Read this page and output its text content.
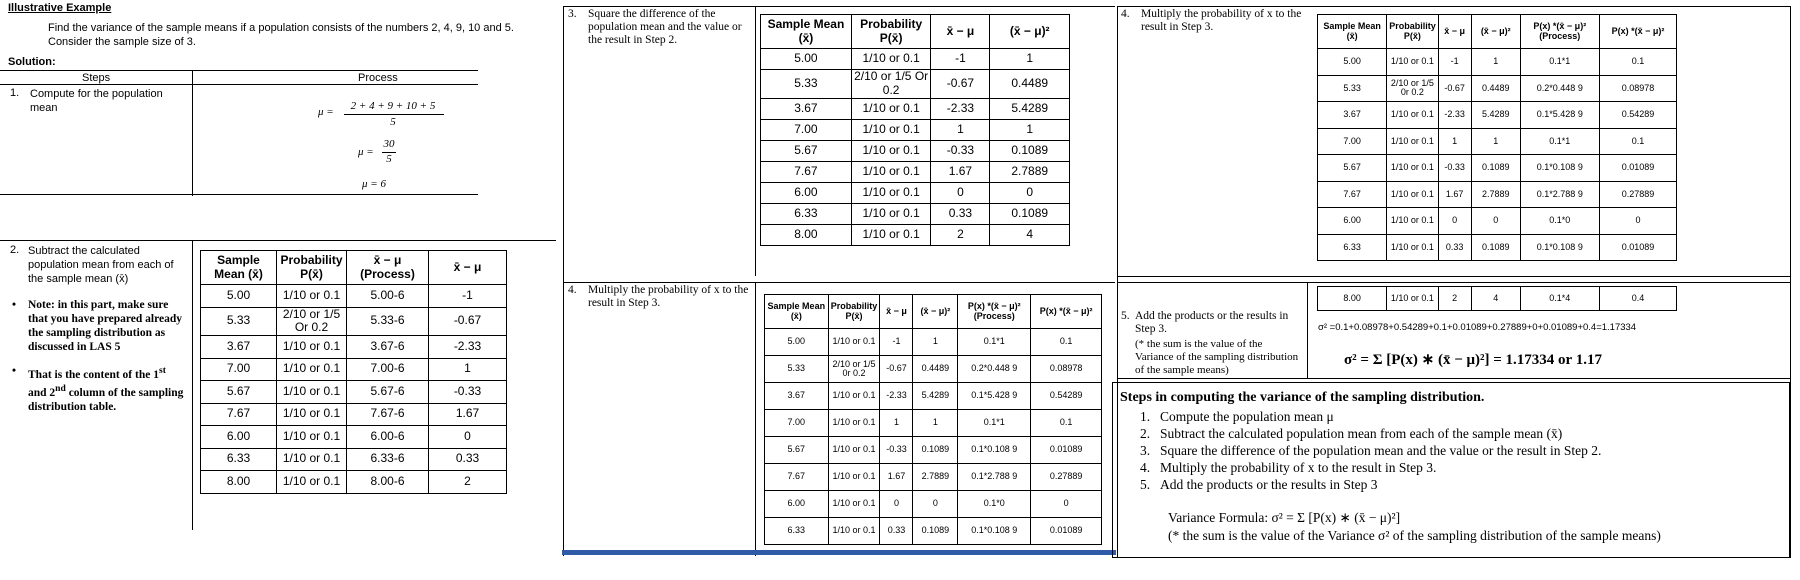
Illustrative Example
Find the variance of the sample means if a population consists of the numbers 2, 4, 9, 10 and 5.
Consider the sample size of 3.
Solution:
Steps	Process
1. Compute for the population mean	μ =	2 + 4 + 9 + 10 + 5
5
μ =
30
5
μ = 6
2. Subtract the calculated population mean from each of the sample mean (x̄)
• Note: in this part, make sure that you have prepared already the sampling distribution as discussed in LAS 5
• That is the content of the 1st and 2nd column of the sampling distribution table.
Sample Mean (x̄)	Probability P(x̄)	x̄ − μ (Process)	x̄ − μ
5.00	1/10 or 0.1	5.00-6	-1
5.33	2/10 or 1/5 Or 0.2	5.33-6	-0.67
3.67	1/10 or 0.1	3.67-6	-2.33
7.00	1/10 or 0.1	7.00-6	1
5.67	1/10 or 0.1	5.67-6	-0.33
7.67	1/10 or 0.1	7.67-6	1.67
6.00	1/10 or 0.1	6.00-6	0
6.33	1/10 or 0.1	6.33-6	0.33
8.00	1/10 or 0.1	8.00-6	2
3. Square the difference of the population mean and the value or the result in Step 2.
Sample Mean (x̄)	Probability P(x̄)	x̄ − μ	(x̄ − μ)²
5.00	1/10 or 0.1	-1	1
5.33	2/10 or 1/5 Or 0.2	-0.67	0.4489
3.67	1/10 or 0.1	-2.33	5.4289
7.00	1/10 or 0.1	1	1
5.67	1/10 or 0.1	-0.33	0.1089
7.67	1/10 or 0.1	1.67	2.7889
6.00	1/10 or 0.1	0	0
6.33	1/10 or 0.1	0.33	0.1089
8.00	1/10 or 0.1	2	4
4. Multiply the probability of x to the result in Step 3.	Sample Mean (x̄)	Probability P(x̄)	x̄ − μ	(x̄ − μ)²	P(x) *(x̄ − μ)² (Process)	P(x) *(x̄ − μ)²
5.00	1/10 or 0.1	-1	1	0.1*1	0.1
5.33	2/10 or 1/5 0r 0.2	-0.67	0.4489	0.2*0.448 9	0.08978
3.67	1/10 or 0.1	-2.33	5.4289	0.1*5.428 9	0.54289
7.00	1/10 or 0.1	1	1	0.1*1	0.1
5.67	1/10 or 0.1	-0.33	0.1089	0.1*0.108 9	0.01089
7.67	1/10 or 0.1	1.67	2.7889	0.1*2.788 9	0.27889
6.00	1/10 or 0.1	0	0	0.1*0	0
6.33	1/10 or 0.1	0.33	0.1089	0.1*0.108 9	0.01089
4. Multiply the probability of x to the result in Step 3.	Sample Mean (x̄)	Probability P(x̄)	x̄ − μ	(x̄ − μ)²	P(x) *(x̄ − μ)² (Process)	P(x) *(x̄ − μ)²
5.00	1/10 or 0.1	-1	1	0.1*1	0.1
5.33	2/10 or 1/5 0r 0.2	-0.67	0.4489	0.2*0.448 9	0.08978
3.67	1/10 or 0.1	-2.33	5.4289	0.1*5.428 9	0.54289
7.00	1/10 or 0.1	1	1	0.1*1	0.1
5.67	1/10 or 0.1	-0.33	0.1089	0.1*0.108 9	0.01089
7.67	1/10 or 0.1	1.67	2.7889	0.1*2.788 9	0.27889
6.00	1/10 or 0.1	0	0	0.1*0	0
6.33	1/10 or 0.1	0.33	0.1089	0.1*0.108 9	0.01089
8.00	1/10 or 0.1	2	4	0.1*4	0.4
5. Add the products or the results in Step 3.
(* the sum is the value of the Variance of the sampling distribution of the sample means)
σ² =0.1+0.08978+0.54289+0.1+0.01089+0.27889+0+0.01089+0.4=1.17334
σ² = Σ [P(x) ∗ (x̄ − μ)²] = 1.17334 or 1.17
Steps in computing the variance of the sampling distribution.
1. Compute the population mean μ
2. Subtract the calculated population mean from each of the sample mean (x̄)
3. Square the difference of the population mean and the value or the result in Step 2.
4. Multiply the probability of x to the result in Step 3.
5. Add the products or the results in Step 3
Variance Formula: σ² = Σ [P(x) ∗ (x̄ − μ)²]
(* the sum is the value of the Variance σ² of the sampling distribution of the sample means)
